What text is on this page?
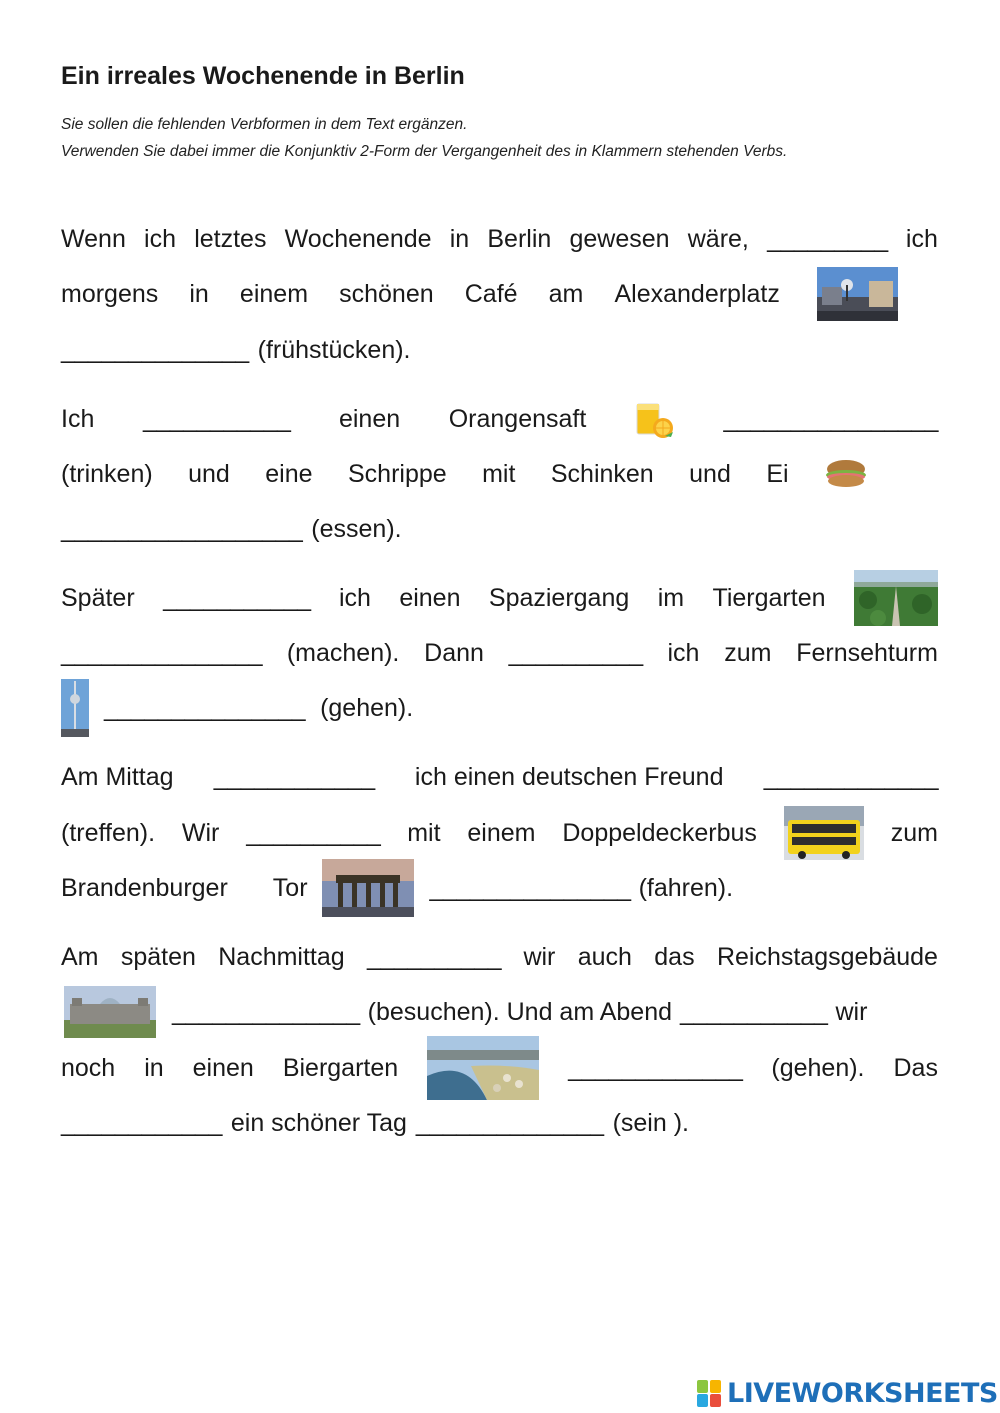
Ein irreales Wochenende in Berlin
Sie sollen die fehlenden Verbformen in dem Text ergänzen.
Verwenden Sie dabei immer die Konjunktiv 2-Form der Vergangenheit des in Klammern stehenden Verbs.
Wenn ich letztes Wochenende in Berlin gewesen wäre, _________ ich
morgens in einem schönen Café am Alexanderplatz
______________ (frühstücken).
Ich ___________ einen Orangensaft	________________
(trinken) und eine Schrippe mit Schinken und Ei
__________________ (essen).
Später ___________ ich einen Spaziergang im Tiergarten
_______________ (machen). Dann __________ ich zum Fernsehturm
_______________ (gehen).
Am Mittag ____________ ich einen deutschen Freund _____________
(treffen). Wir __________ mit einem Doppeldeckerbus	zum
Brandenburger Tor	_______________ (fahren).
Am späten Nachmittag __________ wir auch das Reichstagsgebäude
______________ (besuchen). Und am Abend ___________ wir
noch in einen Biergarten	_____________ (gehen). Das
____________ ein schöner Tag ______________ (sein ).
LIVEWORKSHEETS
